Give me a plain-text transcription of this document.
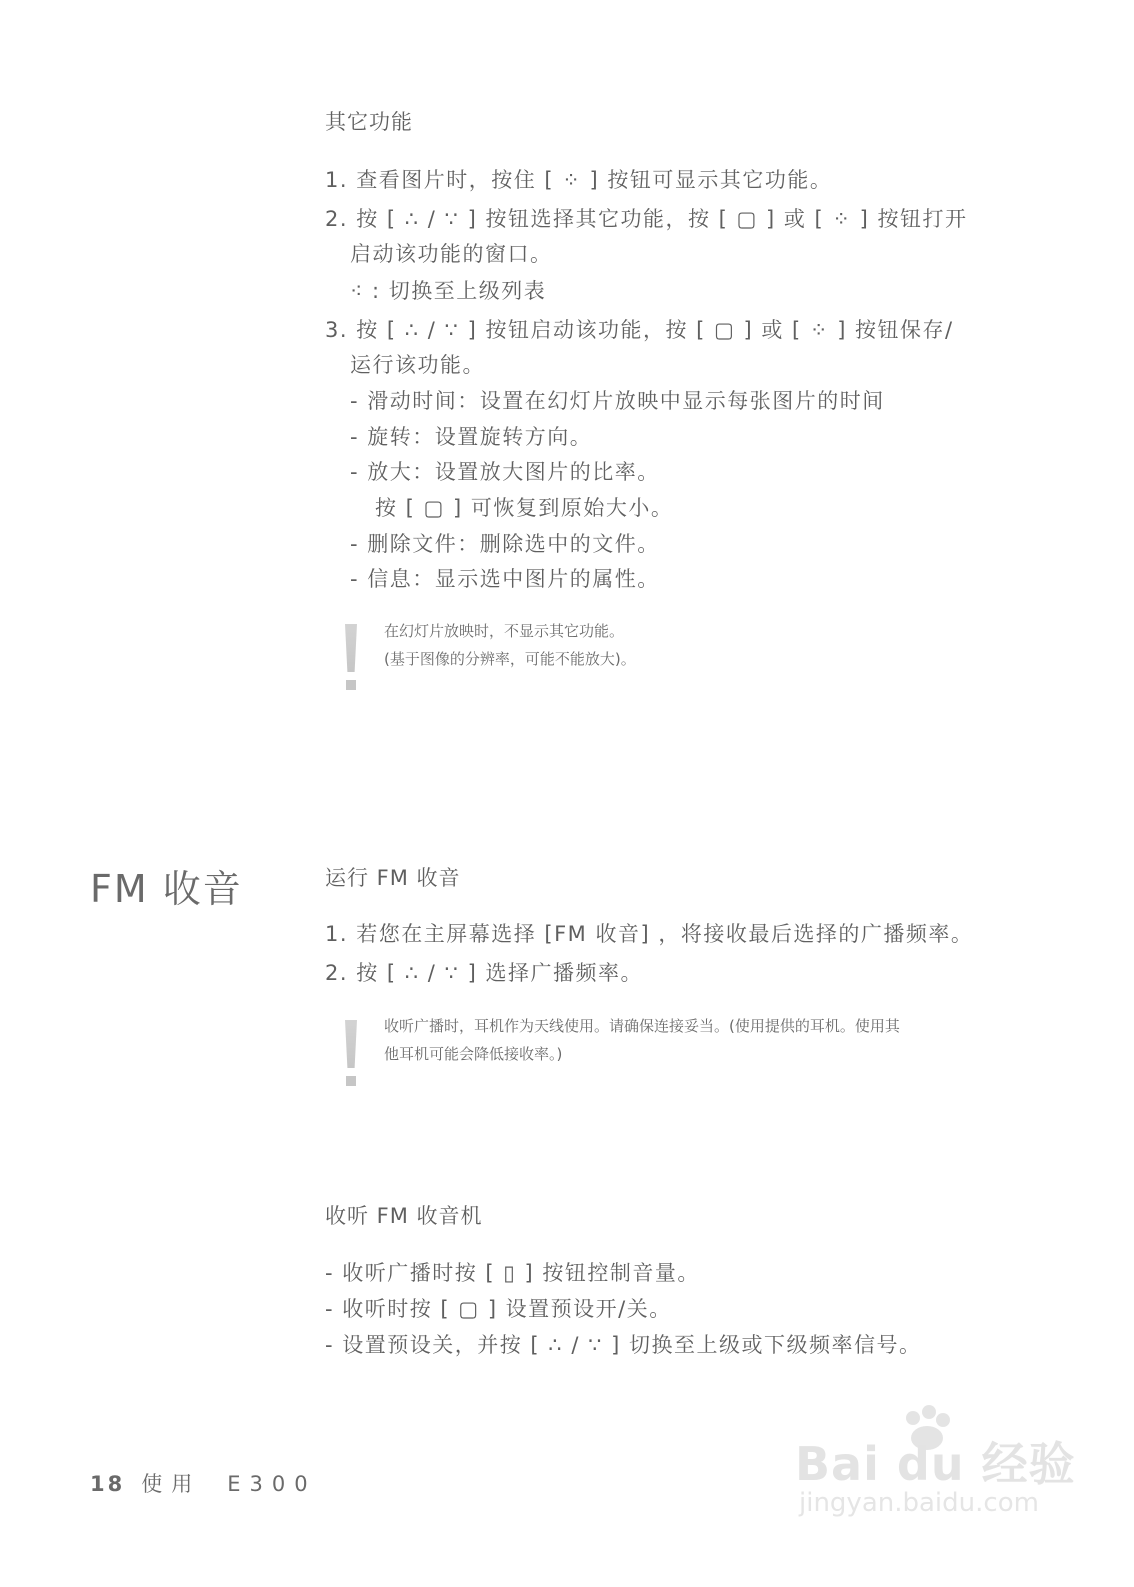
其它功能
1. 查看图片时，按住 [ ⁘ ] 按钮可显示其它功能。
2. 按 [ ∴ / ∵ ] 按钮选择其它功能，按 [ ▢ ] 或 [ ⁘ ] 按钮打开
启动该功能的窗口。
⁖ : 切换至上级列表
3. 按 [ ∴ / ∵ ] 按钮启动该功能，按 [ ▢ ] 或 [ ⁘ ] 按钮保存/
运行该功能。
- 滑动时间：设置在幻灯片放映中显示每张图片的时间
- 旋转：设置旋转方向。
- 放大：设置放大图片的比率。
按 [ ▢ ] 可恢复到原始大小。
- 删除文件：删除选中的文件。
- 信息：显示选中图片的属性。
在幻灯片放映时，不显示其它功能。
(基于图像的分辨率，可能不能放大)。
FM 收音	运行 FM 收音
1. 若您在主屏幕选择 [FM 收音] ，将接收最后选择的广播频率。
2. 按 [ ∴ / ∵ ] 选择广播频率。
收听广播时，耳机作为天线使用。请确保连接妥当。(使用提供的耳机。使用其
他耳机可能会降低接收率。)
收听 FM 收音机
- 收听广播时按 [ ▯ ] 按钮控制音量。
- 收听时按 [ ▢ ] 设置预设开/关。
- 设置预设关，并按 [ ∴ / ∵ ] 切换至上级或下级频率信号。
18 使用 E300	Bai du 经验
jingyan.baidu.com
